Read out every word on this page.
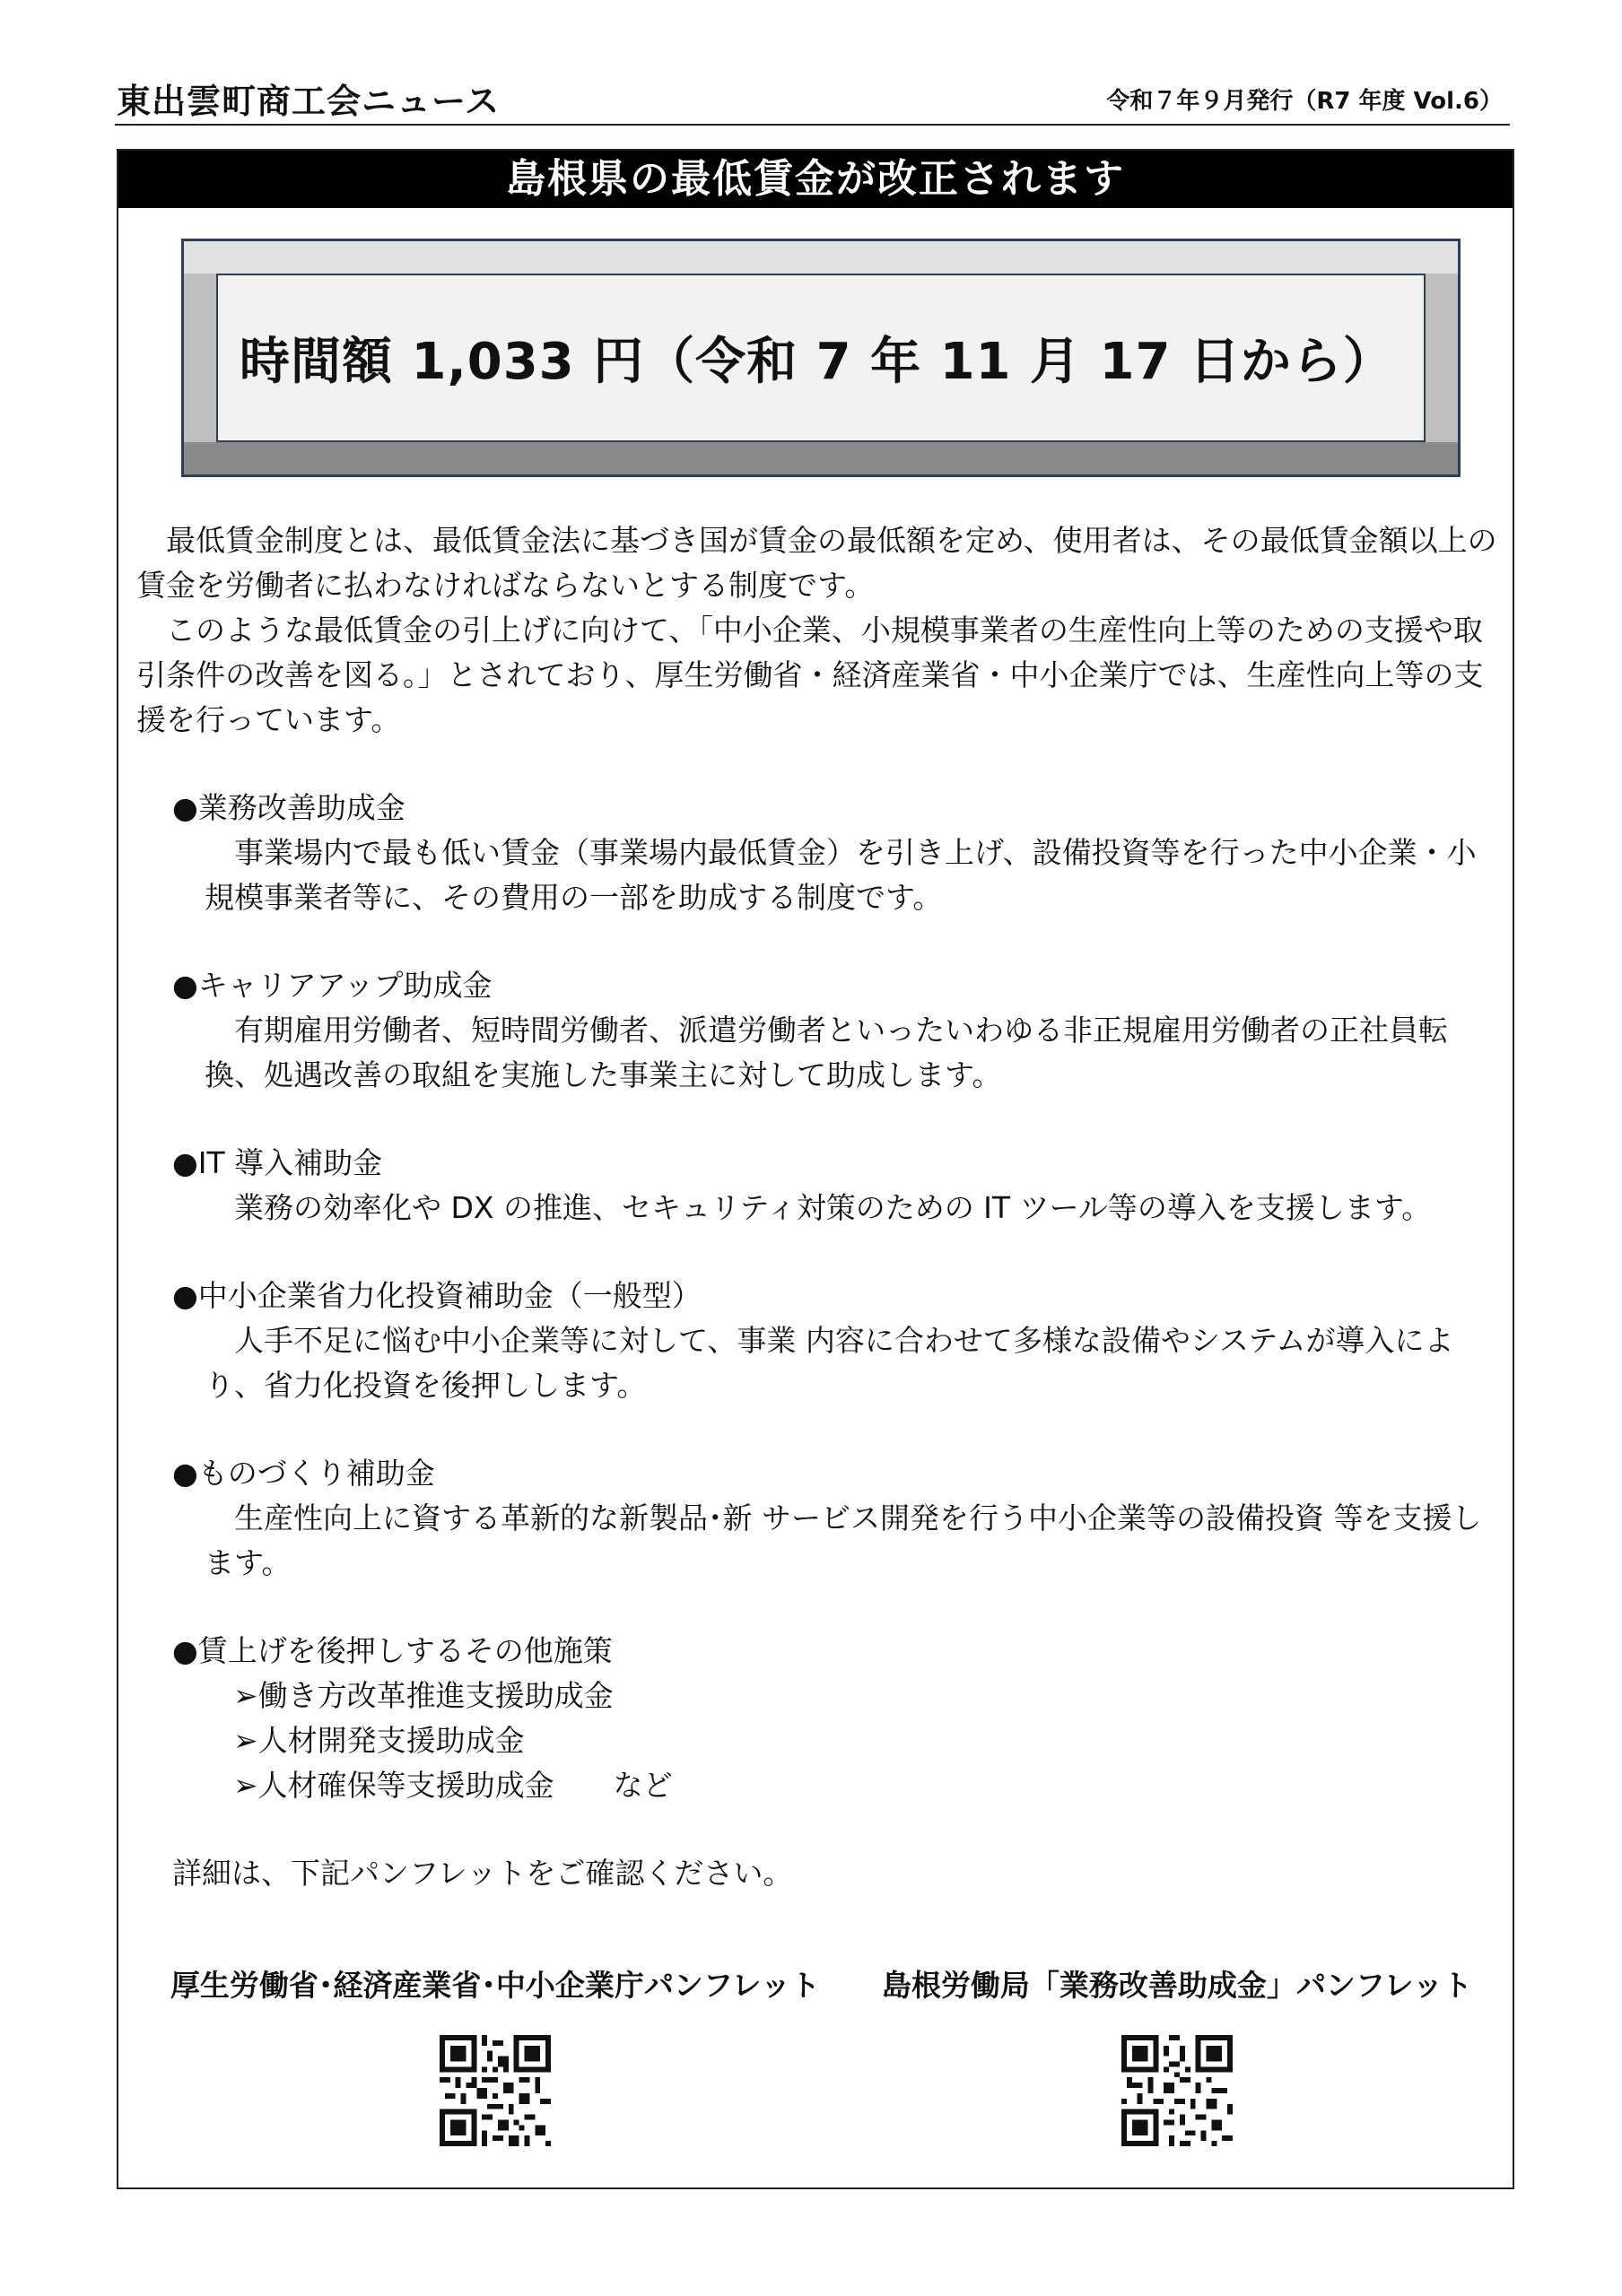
東出雲町商工会ニュース	令和７年９月発行（R7 年度 Vol.6）
島根県の最低賃金が改正されます
時間額 1,033 円（令和 7 年 11 月 17 日から）

最低賃金制度とは、最低賃金法に基づき国が賃金の最低額を定め、使用者は、その最低賃金額以上の賃金を労働者に払わなければならないとする制度です。

このような最低賃金の引上げに向けて、「中小企業、小規模事業者の生産性向上等のための支援や取引条件の改善を図る。」とされており、厚生労働省・経済産業省・中小企業庁では、生産性向上等の支援を行っています。

●業務改善助成金

事業場内で最も低い賃金（事業場内最低賃金）を引き上げ、設備投資等を行った中小企業・小規模事業者等に、その費用の一部を助成する制度です。

●キャリアアップ助成金

有期雇用労働者、短時間労働者、派遣労働者といったいわゆる非正規雇用労働者の正社員転換、処遇改善の取組を実施した事業主に対して助成します。

●IT 導入補助金

業務の効率化や DX の推進、セキュリティ対策のための IT ツール等の導入を支援します。

●中小企業省力化投資補助金（一般型）

人手不足に悩む中小企業等に対して、事業 内容に合わせて多様な設備やシステムが導入により、省力化投資を後押しします。

●ものづくり補助金

生産性向上に資する革新的な新製品･新 サービス開発を行う中小企業等の設備投資 等を支援します。

●賃上げを後押しするその他施策

➢働き方改革推進支援助成金
➢人材開発支援助成金
➢人材確保等支援助成金　　など

詳細は、下記パンフレットをご確認ください。

厚生労働省･経済産業省･中小企業庁パンフレット	島根労働局「業務改善助成金」パンフレット
